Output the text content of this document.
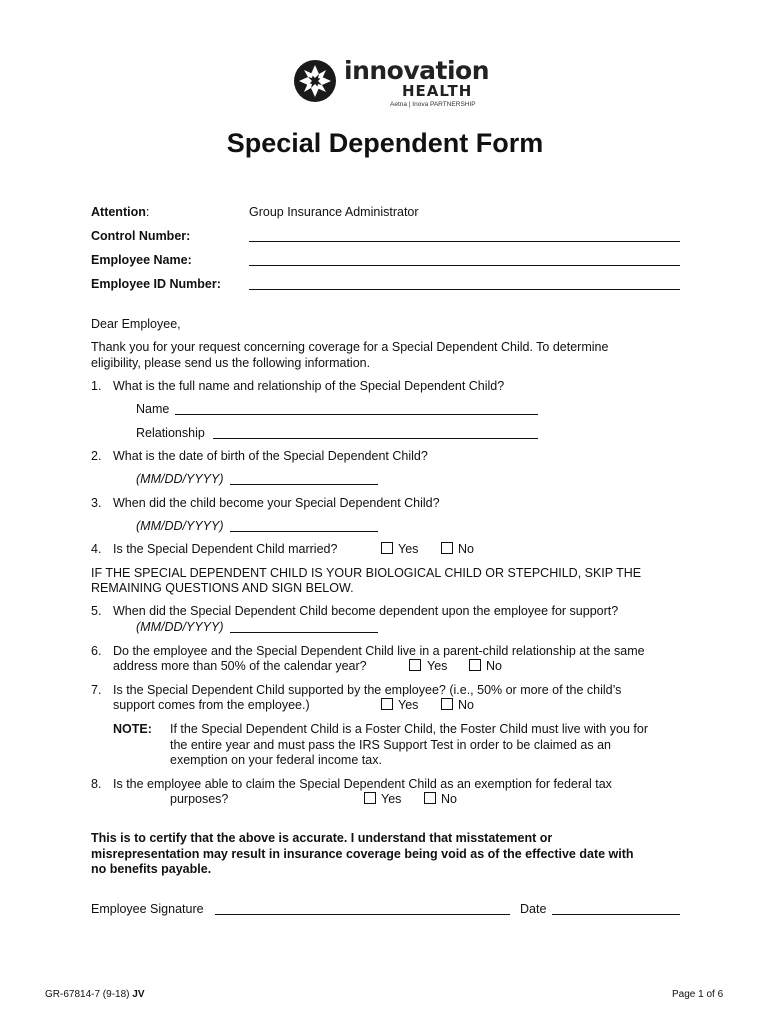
innovation
HEALTH
Aetna | Inova PARTNERSHIP
Special Dependent Form
Attention:	Group Insurance Administrator
Control Number:
Employee Name:
Employee ID Number:
Dear Employee,
Thank you for your request concerning coverage for a Special Dependent Child. To determine
eligibility, please send us the following information.
1. What is the full name and relationship of the Special Dependent Child?
Name
Relationship
2. What is the date of birth of the Special Dependent Child?
(MM/DD/YYYY)
3. When did the child become your Special Dependent Child?
(MM/DD/YYYY)
4. Is the Special Dependent Child married?	Yes	No
IF THE SPECIAL DEPENDENT CHILD IS YOUR BIOLOGICAL CHILD OR STEPCHILD, SKIP THE
REMAINING QUESTIONS AND SIGN BELOW.
5. When did the Special Dependent Child become dependent upon the employee for support?
(MM/DD/YYYY)
6. Do the employee and the Special Dependent Child live in a parent-child relationship at the same
address more than 50% of the calendar year?	Yes	No
7. Is the Special Dependent Child supported by the employee? (i.e., 50% or more of the child’s
support comes from the employee.)	Yes	No
NOTE: If the Special Dependent Child is a Foster Child, the Foster Child must live with you for
the entire year and must pass the IRS Support Test in order to be claimed as an
exemption on your federal income tax.
8. Is the employee able to claim the Special Dependent Child as an exemption for federal tax
purposes?	Yes	No
This is to certify that the above is accurate. I understand that misstatement or
misrepresentation may result in insurance coverage being void as of the effective date with
no benefits payable.
Employee Signature	Date
GR-67814-7 (9-18) JV	Page 1 of 6
